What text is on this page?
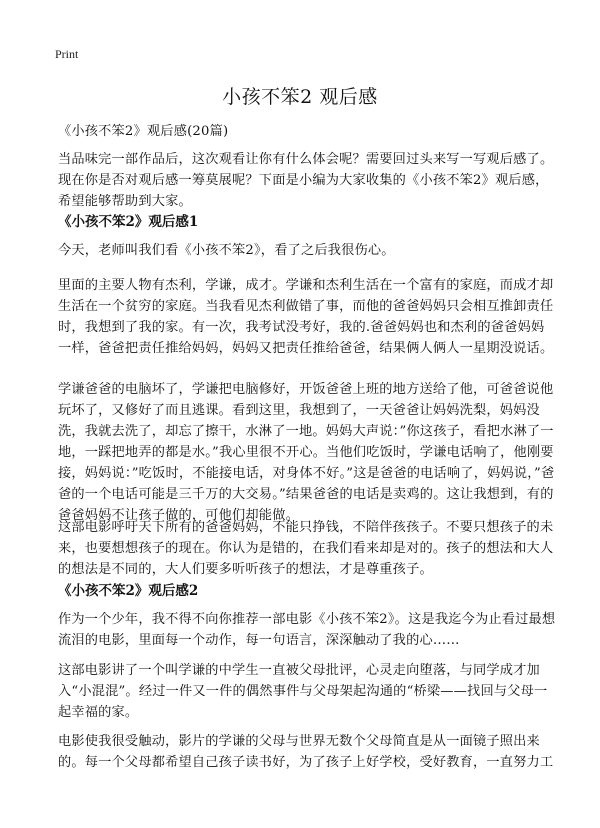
Print
小孩不笨2 观后感
《小孩不笨2》观后感(20篇)
当品味完一部作品后，这次观看让你有什么体会呢？需要回过头来写一写观后感了。现在你是否对观后感一筹莫展呢？下面是小编为大家收集的《小孩不笨2》观后感，希望能够帮助到大家。
《小孩不笨2》观后感1
今天，老师叫我们看《小孩不笨2》，看了之后我很伤心。
里面的主要人物有杰利，学谦，成才。学谦和杰利生活在一个富有的家庭，而成才却生活在一个贫穷的家庭。当我看见杰利做错了事，而他的爸爸妈妈只会相互推卸责任时，我想到了我的家。有一次，我考试没考好，我的.爸爸妈妈也和杰利的爸爸妈妈一样，爸爸把责任推给妈妈，妈妈又把责任推给爸爸，结果俩人俩人一星期没说话。
学谦爸爸的电脑坏了，学谦把电脑修好，开饭爸爸上班的地方送给了他，可爸爸说他玩坏了，又修好了而且逃课。看到这里，我想到了，一天爸爸让妈妈洗梨，妈妈没洗，我就去洗了，却忘了擦干，水淋了一地。妈妈大声说：”你这孩子，看把水淋了一地，一踩把地弄的都是水。”我心里很不开心。当他们吃饭时，学谦电话响了，他刚要接，妈妈说：”吃饭时，不能接电话，对身体不好。”这是爸爸的电话响了，妈妈说，”爸爸的一个电话可能是三千万的大交易。”结果爸爸的电话是卖鸡的。这让我想到，有的爸爸妈妈不让孩子做的，可他们却能做。
这部电影呼吁天下所有的爸爸妈妈，不能只挣钱，不陪伴孩孩子。不要只想孩子的未来，也要想想孩子的现在。你认为是错的，在我们看来却是对的。孩子的想法和大人的想法是不同的，大人们要多听听孩子的想法，才是尊重孩子。
《小孩不笨2》观后感2
作为一个少年，我不得不向你推荐一部电影《小孩不笨2》。这是我迄今为止看过最想流泪的电影，里面每一个动作，每一句语言，深深触动了我的心……
这部电影讲了一个叫学谦的中学生一直被父母批评，心灵走向堕落，与同学成才加入“小混混”。经过一件又一件的偶然事件与父母架起沟通的“桥梁——找回与父母一起幸福的家。
电影使我很受触动，影片的学谦的父母与世界无数个父母简直是从一面镜子照出来的。每一个父母都希望自己孩子读书好，为了孩子上好学校，受好教育，一直努力工
